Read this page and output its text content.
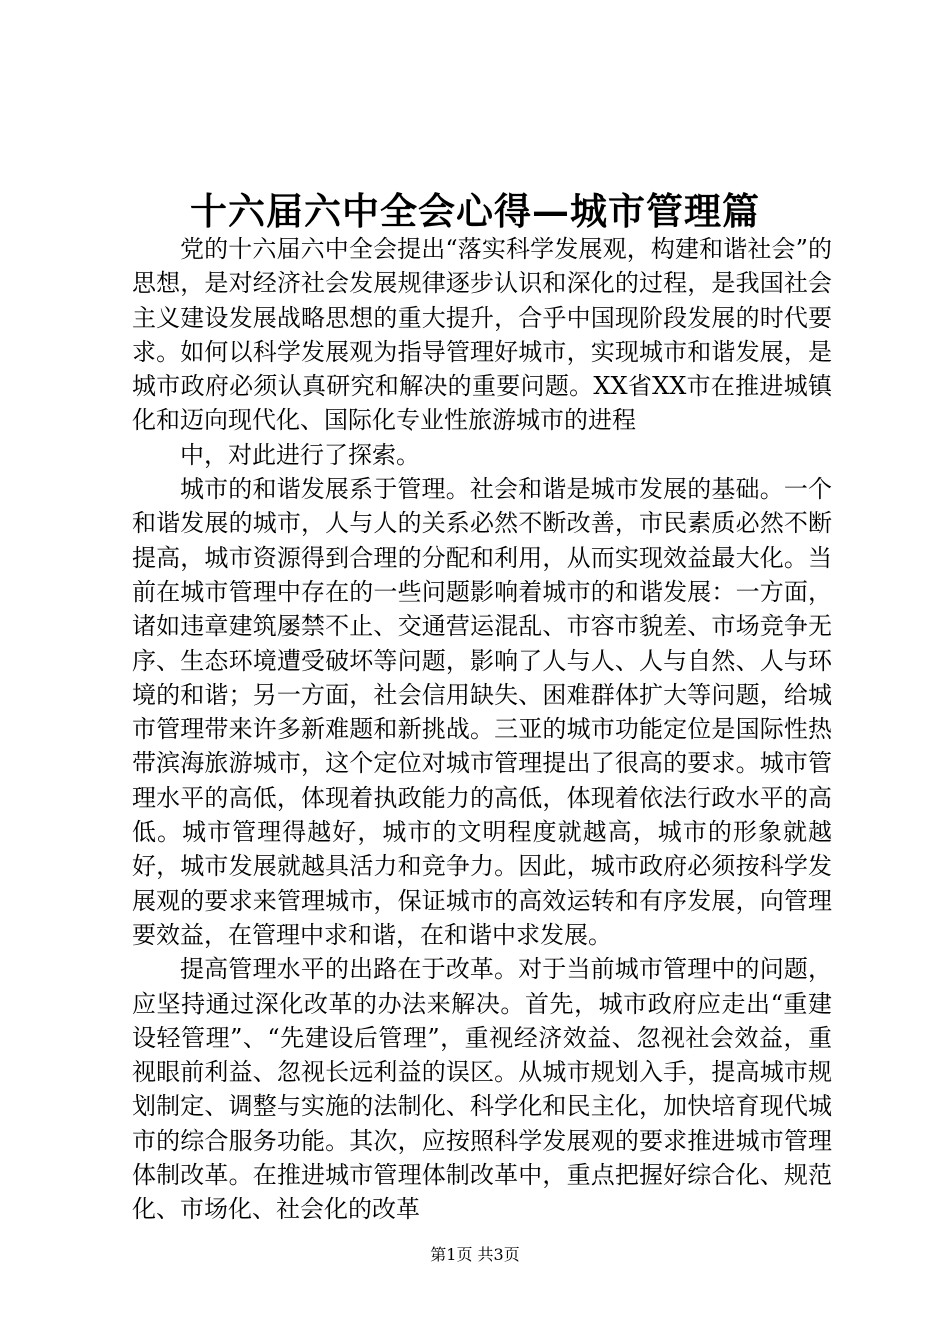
十六届六中全会心得—城市管理篇

党的十六届六中全会提出“落实科学发展观，构建和谐社会”的思想，是对经济社会发展规律逐步认识和深化的过程，是我国社会主义建设发展战略思想的重大提升，合乎中国现阶段发展的时代要求。如何以科学发展观为指导管理好城市，实现城市和谐发展，是城市政府必须认真研究和解决的重要问题。XX省XX市在推进城镇化和迈向现代化、国际化专业性旅游城市的进程

中，对此进行了探索。

城市的和谐发展系于管理。社会和谐是城市发展的基础。一个和谐发展的城市，人与人的关系必然不断改善，市民素质必然不断提高，城市资源得到合理的分配和利用，从而实现效益最大化。当前在城市管理中存在的一些问题影响着城市的和谐发展：一方面，诸如违章建筑屡禁不止、交通营运混乱、市容市貌差、市场竞争无序、生态环境遭受破坏等问题，影响了人与人、人与自然、人与环境的和谐；另一方面，社会信用缺失、困难群体扩大等问题，给城市管理带来许多新难题和新挑战。三亚的城市功能定位是国际性热带滨海旅游城市，这个定位对城市管理提出了很高的要求。城市管理水平的高低，体现着执政能力的高低，体现着依法行政水平的高低。城市管理得越好，城市的文明程度就越高，城市的形象就越好，城市发展就越具活力和竞争力。因此，城市政府必须按科学发展观的要求来管理城市，保证城市的高效运转和有序发展，向管理要效益，在管理中求和谐，在和谐中求发展。

提高管理水平的出路在于改革。对于当前城市管理中的问题，应坚持通过深化改革的办法来解决。首先，城市政府应走出“重建设轻管理”、“先建设后管理”，重视经济效益、忽视社会效益，重视眼前利益、忽视长远利益的误区。从城市规划入手，提高城市规划制定、调整与实施的法制化、科学化和民主化，加快培育现代城市的综合服务功能。其次，应按照科学发展观的要求推进城市管理体制改革。在推进城市管理体制改革中，重点把握好综合化、规范化、市场化、社会化的改革

第1页 共3页
